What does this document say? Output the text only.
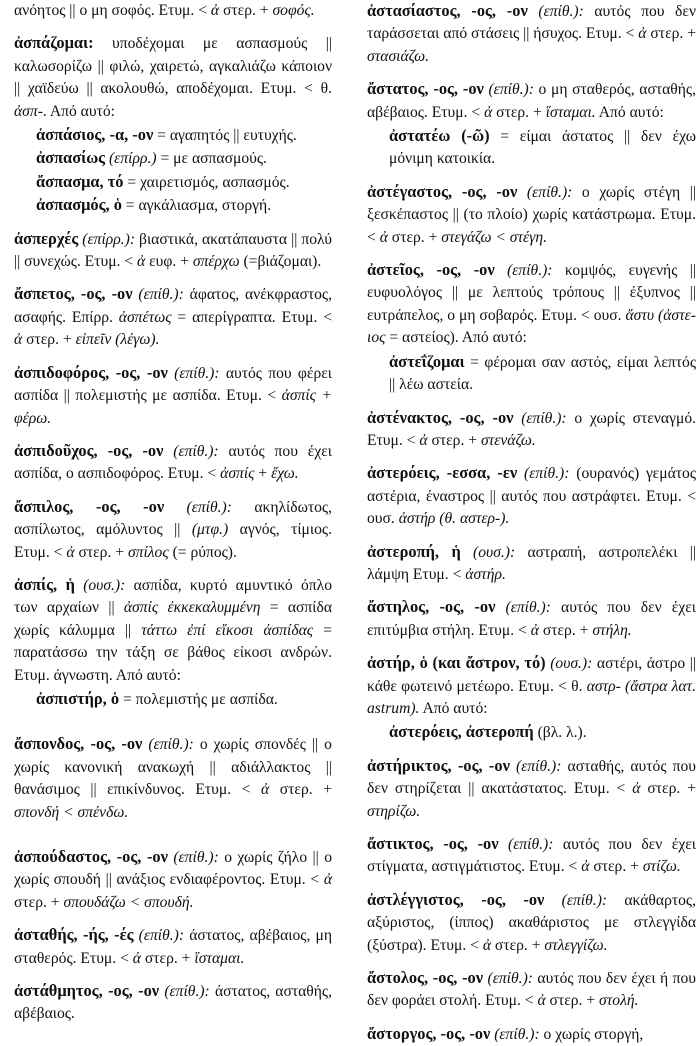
ανόητος || ο μη σοφός. Ετυμ. < ἀ στερ. + σοφός.
ἀσπάζομαι: υποδέχομαι με ασπασμούς || καλωσορίζω || φιλώ, χαιρετώ, αγκαλιάζω κάποιον || χαϊδεύω || ακολουθώ, αποδέχομαι. Ετυμ. < θ. ἀσπ-. Από αυτό:
ἀσπάσιος, -α, -ον = αγαπητός || ευτυχής.
ἀσπασίως (επίρρ.) = με ασπασμούς.
ἄσπασμα, τό = χαιρετισμός, ασπασμός.
ἀσπασμός, ὁ = αγκάλιασμα, στοργή.
ἀσπερχές (επίρρ.): βιαστικά, ακατάπαυστα || πολύ || συνεχώς. Ετυμ. < ἀ ευφ. + σπέρχω (=βιάζομαι).
ἄσπετος, -ος, -ον (επίθ.): άφατος, ανέκφραστος, ασαφής. Επίρρ. ἀσπέτως = απερίγραπτα. Ετυμ. < ἀ στερ. + εἰπεῖν (λέγω).
ἀσπιδοφόρος, -ος, -ον (επίθ.): αυτός που φέρει ασπίδα || πολεμιστής με ασπίδα. Ετυμ. < ἀσπίς + φέρω.
ἀσπιδοῦχος, -ος, -ον (επίθ.): αυτός που έχει ασπίδα, ο ασπιδοφόρος. Ετυμ. < ἀσπίς + ἔχω.
ἄσπιλος, -ος, -ον (επίθ.): ακηλίδωτος, ασπίλωτος, αμόλυντος || (μτφ.) αγνός, τίμιος. Ετυμ. < ἀ στερ. + σπίλος (= ρύπος).
ἀσπίς, ἡ (ουσ.): ασπίδα, κυρτό αμυντικό όπλο των αρχαίων || ἀσπίς ἐκκεκαλυμμένη = ασπίδα χωρίς κάλυμμα || τάττω ἐπί εἴκοσι ἀσπίδας = παρατάσσω την τάξη σε βάθος είκοσι ανδρών. Ετυμ. άγνωστη. Από αυτό:
ἀσπιστήρ, ὁ = πολεμιστής με ασπίδα.
ἄσπονδος, -ος, -ον (επίθ.): ο χωρίς σπονδές || ο χωρίς κανονική ανακωχή || αδιάλλακτος || θανάσιμος || επικίνδυνος. Ετυμ. < ἀ στερ. + σπονδή < σπένδω.
ἀσπούδαστος, -ος, -ον (επίθ.): ο χωρίς ζήλο || ο χωρίς σπουδή || ανάξιος ενδιαφέροντος. Ετυμ. < ἀ στερ. + σπουδάζω < σπουδή.
ἀσταθής, -ής, -ές (επίθ.): άστατος, αβέβαιος, μη σταθερός. Ετυμ. < ἀ στερ. + ἵσταμαι.
ἀστάθμητος, -ος, -ον (επίθ.): άστατος, ασταθής, αβέβαιος.
ἀστασίαστος, -ος, -ον (επίθ.): αυτός που δεν ταράσσεται από στάσεις || ήσυχος. Ετυμ. < ἀ στερ. + στασιάζω.
ἄστατος, -ος, -ον (επίθ.): ο μη σταθερός, ασταθής, αβέβαιος. Ετυμ. < ἀ στερ. + ἵσταμαι. Από αυτό:
ἀστατέω (-ῶ) = είμαι άστατος || δεν έχω μόνιμη κατοικία.
ἀστέγαστος, -ος, -ον (επίθ.): ο χωρίς στέγη || ξεσκέπαστος || (το πλοίο) χωρίς κατάστρωμα. Ετυμ. < ἀ στερ. + στεγάζω < στέγη.
ἀστεῖος, -ος, -ον (επίθ.): κομψός, ευγενής || ευφυολόγος || με λεπτούς τρόπους || έξυπνος || ευτράπελος, ο μη σοβαρός. Ετυμ. < ουσ. ἄστυ (ἀστε-ιος = αστείος). Από αυτό:
ἀστεΐζομαι = φέρομαι σαν αστός, είμαι λεπτός || λέω αστεία.
ἀστένακτος, -ος, -ον (επίθ.): ο χωρίς στεναγμό. Ετυμ. < ἀ στερ. + στενάζω.
ἀστερόεις, -εσσα, -εν (επίθ.): (ουρανός) γεμάτος αστέρια, έναστρος || αυτός που αστράφτει. Ετυμ. < ουσ. ἀστήρ (θ. αστερ-).
ἀστεροπή, ἡ (ουσ.): αστραπή, αστροπελέκι || λάμψη Ετυμ. < ἀστήρ.
ἄστηλος, -ος, -ον (επίθ.): αυτός που δεν έχει επιτύμβια στήλη. Ετυμ. < ἀ στερ. + στήλη.
ἀστήρ, ὁ (και ἄστρον, τό) (ουσ.): αστέρι, άστρο || κάθε φωτεινό μετέωρο. Ετυμ. < θ. αστρ- (ἄστρα λατ. astrum). Από αυτό:
ἀστερόεις, ἀστεροπή (βλ. λ.).
ἀστήρικτος, -ος, -ον (επίθ.): ασταθής, αυτός που δεν στηρίζεται || ακατάστατος. Ετυμ. < ἀ στερ. + στηρίζω.
ἄστικτος, -ος, -ον (επίθ.): αυτός που δεν έχει στίγματα, αστιγμάτιστος. Ετυμ. < ἀ στερ. + στίζω.
ἀστλέγγιστος, -ος, -ον (επίθ.): ακάθαρτος, αξύριστος, (ίππος) ακαθάριστος με στλεγγίδα (ξύστρα). Ετυμ. < ἀ στερ. + στλεγγίζω.
ἄστολος, -ος, -ον (επίθ.): αυτός που δεν έχει ή που δεν φοράει στολή. Ετυμ. < ἀ στερ. + στολή.
ἄστοργος, -ος, -ον (επίθ.): ο χωρίς στοργή,
